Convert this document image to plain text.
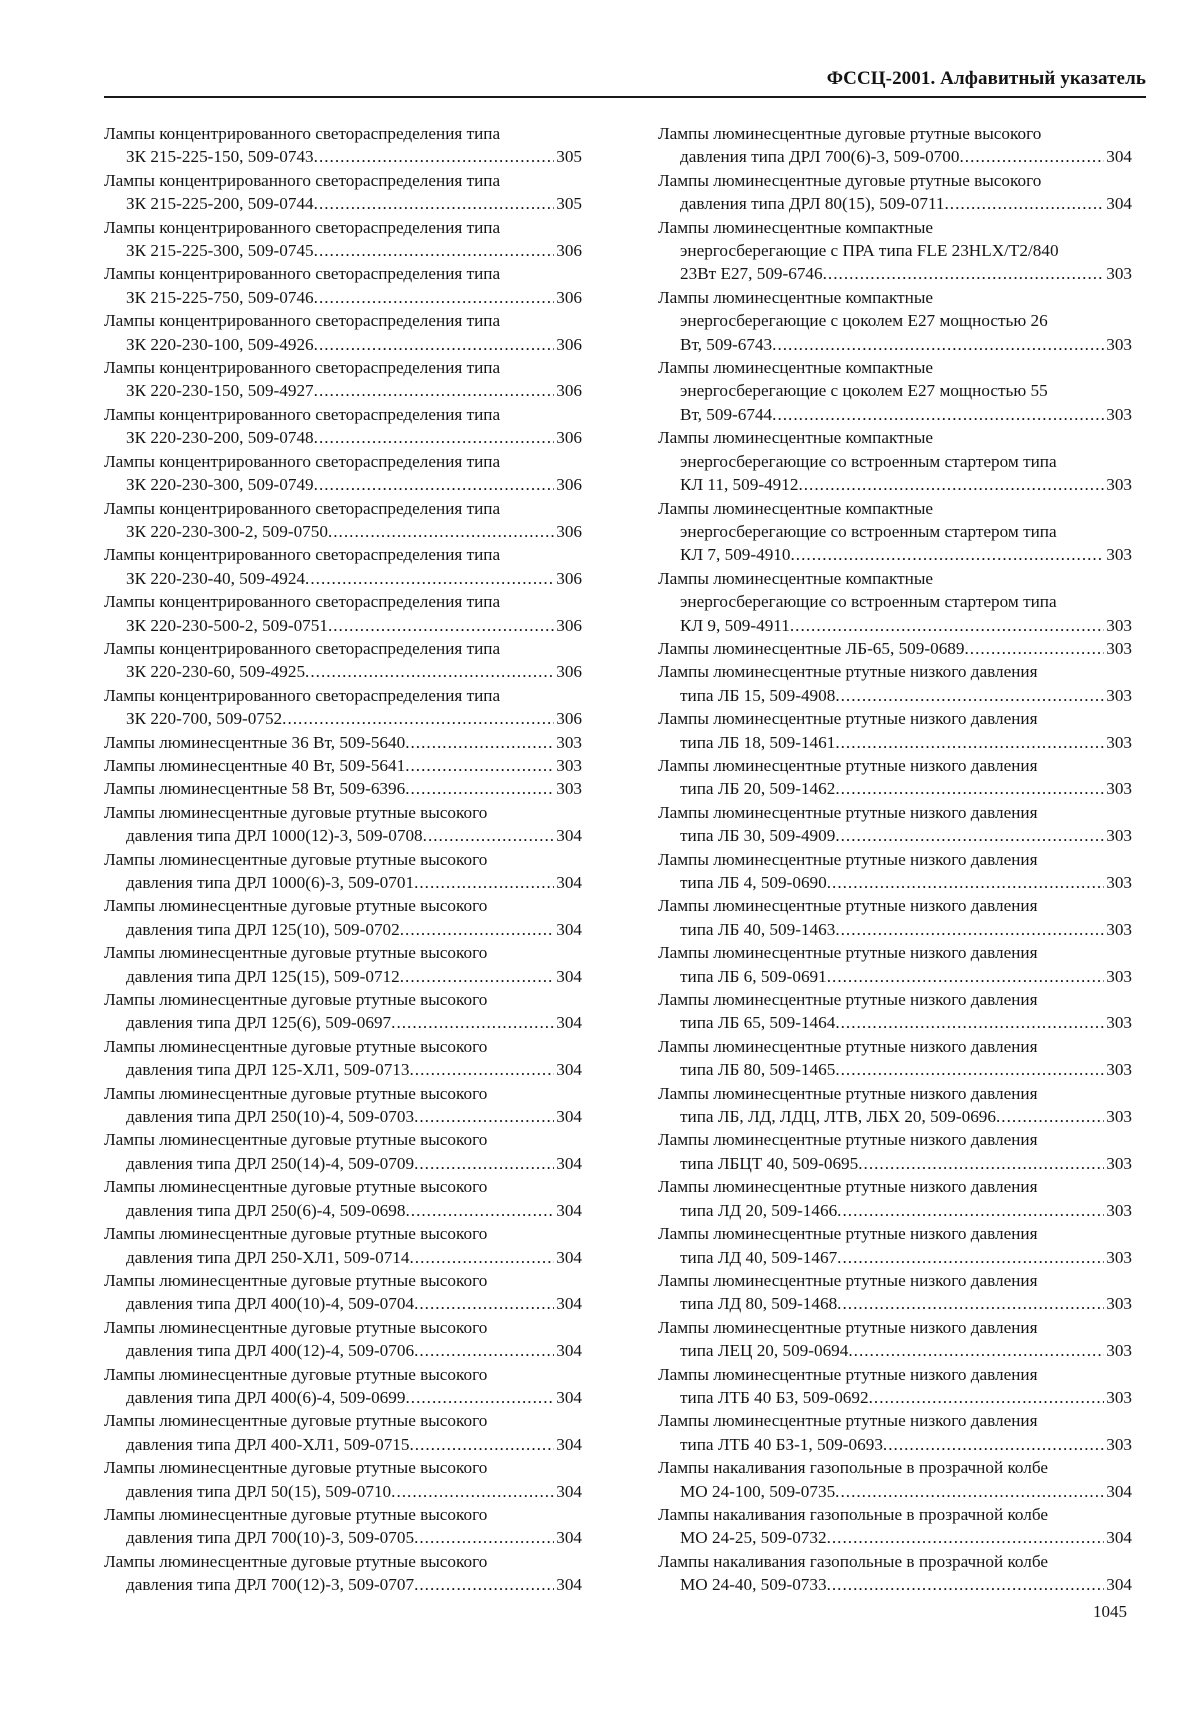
ФССЦ-2001. Алфавитный указатель
Лампы концентрированного светораспределения типа
ЗК 215-225-150, 509-0743 .....	305
Лампы концентрированного светораспределения типа
ЗК 215-225-200, 509-0744 .....	305
Лампы концентрированного светораспределения типа
ЗК 215-225-300, 509-0745 .....	306
Лампы концентрированного светораспределения типа
ЗК 215-225-750, 509-0746 .....	306
Лампы концентрированного светораспределения типа
ЗК 220-230-100, 509-4926 .....	306
Лампы концентрированного светораспределения типа
ЗК 220-230-150, 509-4927 .....	306
Лампы концентрированного светораспределения типа
ЗК 220-230-200, 509-0748 .....	306
Лампы концентрированного светораспределения типа
ЗК 220-230-300, 509-0749 .....	306
Лампы концентрированного светораспределения типа
ЗК 220-230-300-2, 509-0750 .....	306
Лампы концентрированного светораспределения типа
ЗК 220-230-40, 509-4924 .....	306
Лампы концентрированного светораспределения типа
ЗК 220-230-500-2, 509-0751 .....	306
Лампы концентрированного светораспределения типа
ЗК 220-230-60, 509-4925 .....	306
Лампы концентрированного светораспределения типа
ЗК 220-700, 509-0752 .....	306
Лампы люминесцентные 36 Вт, 509-5640 .....	303
Лампы люминесцентные 40 Вт, 509-5641 .....	303
Лампы люминесцентные 58 Вт, 509-6396 .....	303
Лампы люминесцентные дуговые ртутные высокого
давления типа ДРЛ 1000(12)-3, 509-0708 .....	304
Лампы люминесцентные дуговые ртутные высокого
давления типа ДРЛ 1000(6)-3, 509-0701 .....	304
Лампы люминесцентные дуговые ртутные высокого
давления типа ДРЛ 125(10), 509-0702 .....	304
Лампы люминесцентные дуговые ртутные высокого
давления типа ДРЛ 125(15), 509-0712 .....	304
Лампы люминесцентные дуговые ртутные высокого
давления типа ДРЛ 125(6), 509-0697 .....	304
Лампы люминесцентные дуговые ртутные высокого
давления типа ДРЛ 125-ХЛ1, 509-0713 .....	304
Лампы люминесцентные дуговые ртутные высокого
давления типа ДРЛ 250(10)-4, 509-0703 .....	304
Лампы люминесцентные дуговые ртутные высокого
давления типа ДРЛ 250(14)-4, 509-0709 .....	304
Лампы люминесцентные дуговые ртутные высокого
давления типа ДРЛ 250(6)-4, 509-0698 .....	304
Лампы люминесцентные дуговые ртутные высокого
давления типа ДРЛ 250-ХЛ1, 509-0714 .....	304
Лампы люминесцентные дуговые ртутные высокого
давления типа ДРЛ 400(10)-4, 509-0704 .....	304
Лампы люминесцентные дуговые ртутные высокого
давления типа ДРЛ 400(12)-4, 509-0706 .....	304
Лампы люминесцентные дуговые ртутные высокого
давления типа ДРЛ 400(6)-4, 509-0699 .....	304
Лампы люминесцентные дуговые ртутные высокого
давления типа ДРЛ 400-ХЛ1, 509-0715 .....	304
Лампы люминесцентные дуговые ртутные высокого
давления типа ДРЛ 50(15), 509-0710 .....	304
Лампы люминесцентные дуговые ртутные высокого
давления типа ДРЛ 700(10)-3, 509-0705 .....	304
Лампы люминесцентные дуговые ртутные высокого
давления типа ДРЛ 700(12)-3, 509-0707 .....	304
Лампы люминесцентные дуговые ртутные высокого
давления типа ДРЛ 700(6)-3, 509-0700 .....	304
Лампы люминесцентные дуговые ртутные высокого
давления типа ДРЛ 80(15), 509-0711 .....	304
Лампы люминесцентные компактные
энергосберегающие с ПРА типа FLE 23HLX/T2/840
23Вт Е27, 509-6746 .....	303
Лампы люминесцентные компактные
энергосберегающие с цоколем Е27 мощностью 26
Вт, 509-6743 .....	303
Лампы люминесцентные компактные
энергосберегающие с цоколем Е27 мощностью 55
Вт, 509-6744 .....	303
Лампы люминесцентные компактные
энергосберегающие со встроенным стартером типа
КЛ 11, 509-4912 .....	303
Лампы люминесцентные компактные
энергосберегающие со встроенным стартером типа
КЛ 7, 509-4910 .....	303
Лампы люминесцентные компактные
энергосберегающие со встроенным стартером типа
КЛ 9, 509-4911 .....	303
Лампы люминесцентные ЛБ-65, 509-0689 .....	303
Лампы люминесцентные ртутные низкого давления
типа ЛБ 15, 509-4908 .....	303
Лампы люминесцентные ртутные низкого давления
типа ЛБ 18, 509-1461 .....	303
Лампы люминесцентные ртутные низкого давления
типа ЛБ 20, 509-1462 .....	303
Лампы люминесцентные ртутные низкого давления
типа ЛБ 30, 509-4909 .....	303
Лампы люминесцентные ртутные низкого давления
типа ЛБ 4, 509-0690 .....	303
Лампы люминесцентные ртутные низкого давления
типа ЛБ 40, 509-1463 .....	303
Лампы люминесцентные ртутные низкого давления
типа ЛБ 6, 509-0691 .....	303
Лампы люминесцентные ртутные низкого давления
типа ЛБ 65, 509-1464 .....	303
Лампы люминесцентные ртутные низкого давления
типа ЛБ 80, 509-1465 .....	303
Лампы люминесцентные ртутные низкого давления
типа ЛБ, ЛД, ЛДЦ, ЛТВ, ЛБХ 20, 509-0696 .....	303
Лампы люминесцентные ртутные низкого давления
типа ЛБЦТ 40, 509-0695 .....	303
Лампы люминесцентные ртутные низкого давления
типа ЛД 20, 509-1466 .....	303
Лампы люминесцентные ртутные низкого давления
типа ЛД 40, 509-1467 .....	303
Лампы люминесцентные ртутные низкого давления
типа ЛД 80, 509-1468 .....	303
Лампы люминесцентные ртутные низкого давления
типа ЛЕЦ 20, 509-0694 .....	303
Лампы люминесцентные ртутные низкого давления
типа ЛТБ 40 БЗ, 509-0692 .....	303
Лампы люминесцентные ртутные низкого давления
типа ЛТБ 40 БЗ-1, 509-0693 .....	303
Лампы накаливания газопольные в прозрачной колбе
МО 24-100, 509-0735 .....	304
Лампы накаливания газопольные в прозрачной колбе
МО 24-25, 509-0732 .....	304
Лампы накаливания газопольные в прозрачной колбе
МО 24-40, 509-0733 .....	304
1045
